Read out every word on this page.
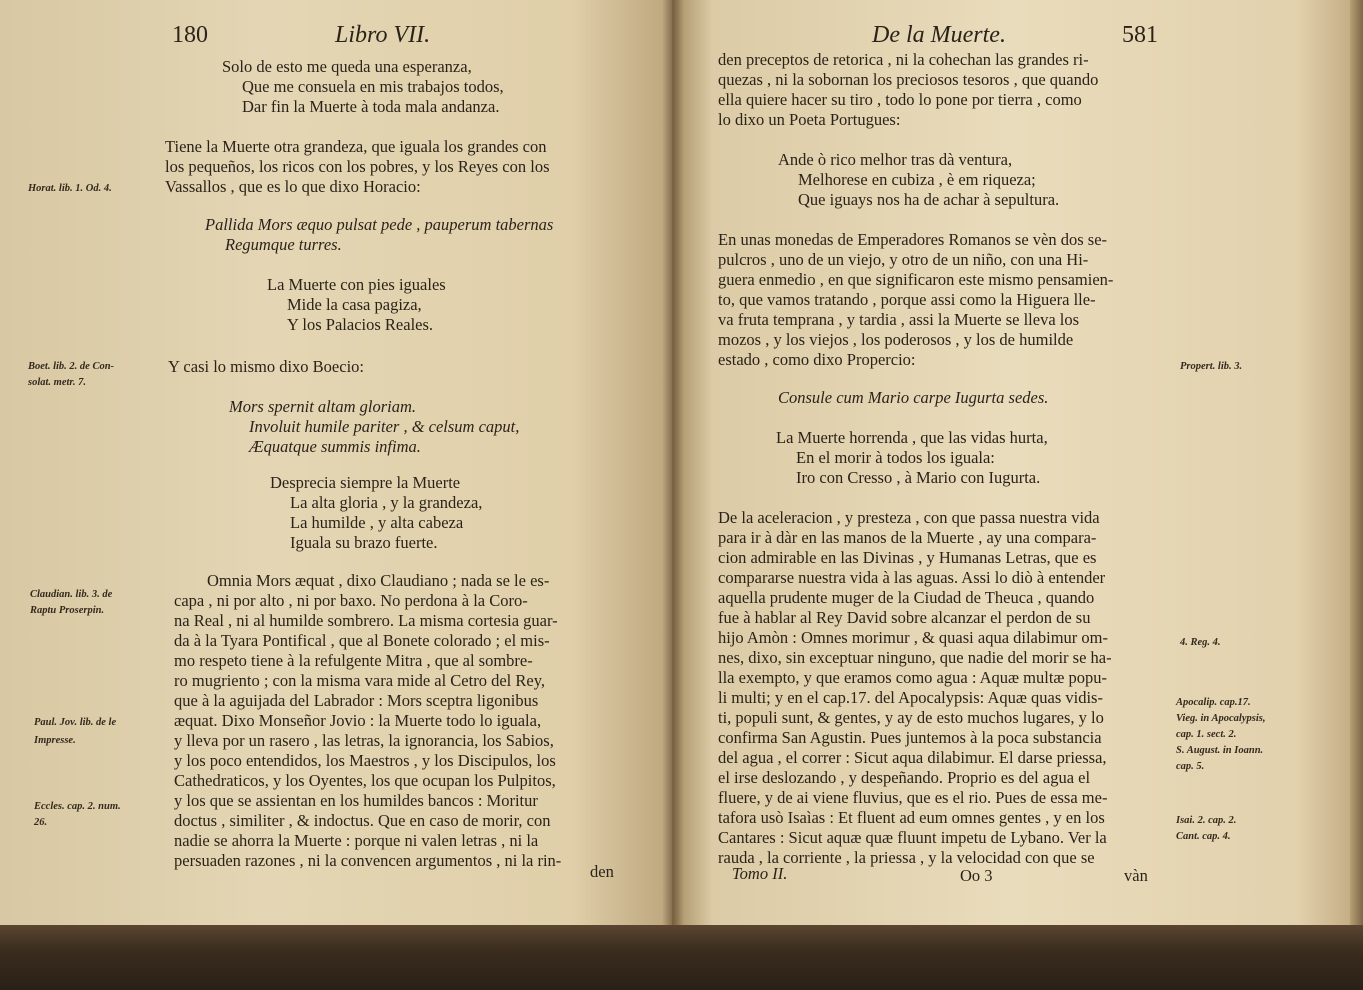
180	Libro VII.
Solo de esto me queda una esperanza,
Que me consuela en mis trabajos todos,
Dar fin la Muerte à toda mala andanza.
Tiene la Muerte otra grandeza, que iguala los grandes con
los pequeños, los ricos con los pobres, y los Reyes con los
Vassallos , que es lo que dixo Horacio:
Pallida Mors æquo pulsat pede , pauperum tabernas
Regumque turres.
La Muerte con pies iguales
Mide la casa pagiza,
Y los Palacios Reales.
Y casi lo mismo dixo Boecio:
Mors spernit altam gloriam.
Involuit humile pariter , & celsum caput,
Æquatque summis infima.
Desprecia siempre la Muerte
La alta gloria , y la grandeza,
La humilde , y alta cabeza
Iguala su brazo fuerte.
Omnia Mors æquat , dixo Claudiano ; nada se le es-
capa , ni por alto , ni por baxo. No perdona à la Coro-
na Real , ni al humilde sombrero. La misma cortesia guar-
da à la Tyara Pontifical , que al Bonete colorado ; el mis-
mo respeto tiene à la refulgente Mitra , que al sombre-
ro mugriento ; con la misma vara mide al Cetro del Rey,
que à la aguijada del Labrador : Mors sceptra ligonibus
æquat. Dixo Monseñor Jovio : la Muerte todo lo iguala,
y lleva por un rasero , las letras, la ignorancia, los Sabios,
y los poco entendidos, los Maestros , y los Discipulos, los
Cathedraticos, y los Oyentes, los que ocupan los Pulpitos,
y los que se assientan en los humildes bancos : Moritur
doctus , similiter , & indoctus. Que en caso de morir, con
nadie se ahorra la Muerte : porque ni valen letras , ni la
persuaden razones , ni la convencen argumentos , ni la rin-
Horat. lib. 1. Od. 4.
Boet. lib. 2. de Con-
solat. metr. 7.
Claudian. lib. 3. de
Raptu Proserpin.
Paul. Jov. lib. de le
Impresse.
Eccles. cap. 2. num.
26.
den
De la Muerte.	581
den preceptos de retorica , ni la cohechan las grandes ri-
quezas , ni la sobornan los preciosos tesoros , que quando
ella quiere hacer su tiro , todo lo pone por tierra , como
lo dixo un Poeta Portugues:
Ande ò rico melhor tras dà ventura,
Melhorese en cubiza , è em riqueza;
Que iguays nos ha de achar à sepultura.
En unas monedas de Emperadores Romanos se vèn dos se-
pulcros , uno de un viejo, y otro de un niño, con una Hi-
guera enmedio , en que significaron este mismo pensamien-
to, que vamos tratando , porque assi como la Higuera lle-
va fruta temprana , y tardia , assi la Muerte se lleva los
mozos , y los viejos , los poderosos , y los de humilde
estado , como dixo Propercio:
Consule cum Mario carpe Iugurta sedes.
La Muerte horrenda , que las vidas hurta,
En el morir à todos los iguala:
Iro con Cresso , à Mario con Iugurta.
De la aceleracion , y presteza , con que passa nuestra vida
para ir à dàr en las manos de la Muerte , ay una compara-
cion admirable en las Divinas , y Humanas Letras, que es
compararse nuestra vida à las aguas. Assi lo diò à entender
aquella prudente muger de la Ciudad de Theuca , quando
fue à hablar al Rey David sobre alcanzar el perdon de su
hijo Amòn : Omnes morimur , & quasi aqua dilabimur om-
nes, dixo, sin exceptuar ninguno, que nadie del morir se ha-
lla exempto, y que eramos como agua : Aquæ multæ popu-
li multi; y en el cap.17. del Apocalypsis: Aquæ quas vidis-
ti, populi sunt, & gentes, y ay de esto muchos lugares, y lo
confirma San Agustin. Pues juntemos à la poca substancia
del agua , el correr : Sicut aqua dilabimur. El darse priessa,
el irse deslozando , y despeñando. Proprio es del agua el
fluere, y de ai viene fluvius, que es el rio. Pues de essa me-
tafora usò Isaìas : Et fluent ad eum omnes gentes , y en los
Cantares : Sicut aquæ quæ fluunt impetu de Lybano. Ver la
rauda , la corriente , la priessa , y la velocidad con que se
Propert. lib. 3.
4. Reg. 4.
Apocalip. cap.17.
Vieg. in Apocalypsis,
cap. 1. sect. 2.
S. August. in Ioann.
cap. 5.
Isai. 2. cap. 2.
Cant. cap. 4.
Tomo II.	Oo 3	vàn
